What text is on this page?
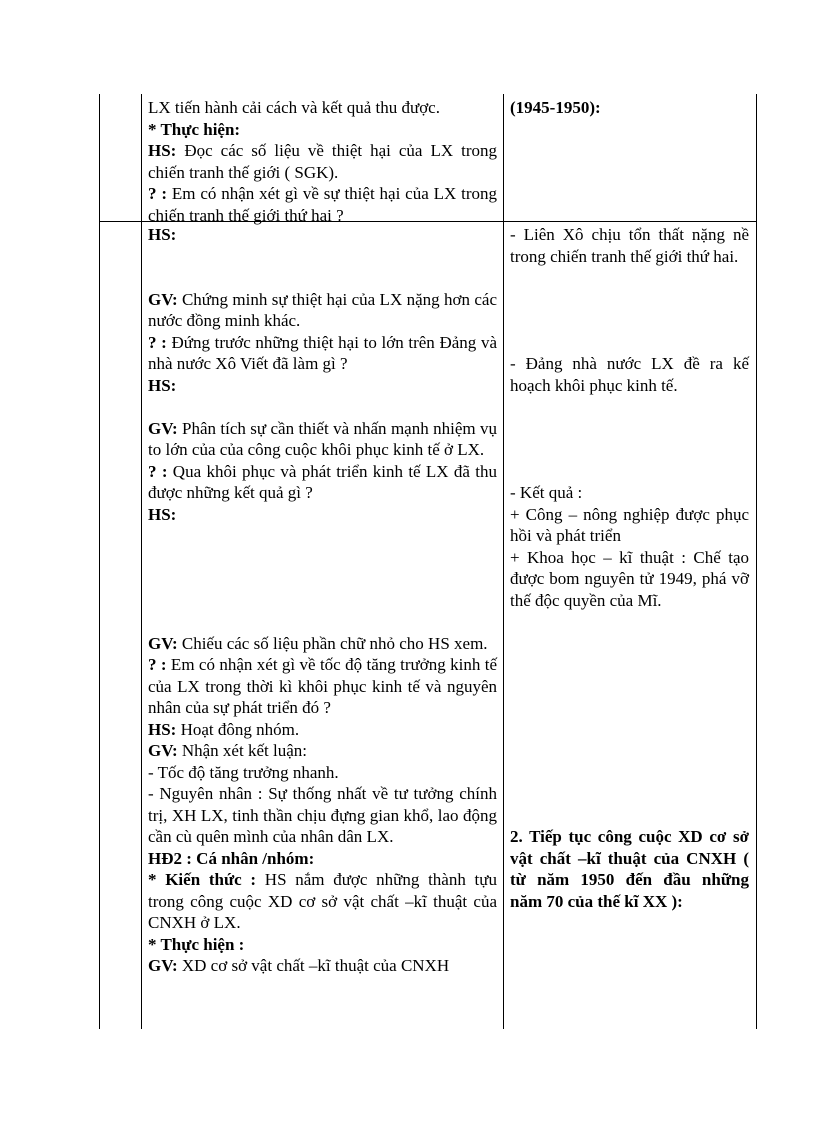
LX tiến hành cải cách và kết quả thu được.

* Thực hiện:

HS: Đọc các số liệu về thiệt hại của LX trong chiến tranh thế giới ( SGK).

? : Em có nhận xét gì về sự thiệt hại của LX trong chiến tranh thế giới thứ hai ?

(1945-1950):

HS:

GV: Chứng minh sự thiệt hại của LX nặng hơn các nước đồng minh khác.

? : Đứng trước những thiệt hại to lớn trên Đảng và nhà nước Xô Viết đã làm gì ?

HS:

GV: Phân tích sự cần thiết và nhấn mạnh nhiệm vụ to lớn của của công cuộc khôi phục kinh tế ở LX.

? : Qua khôi phục và phát triển kinh tế LX đã thu được những kết quả gì ?

HS:

GV: Chiếu các số liệu phần chữ nhỏ cho HS xem.

? : Em có nhận xét gì về tốc độ tăng trưởng kinh tế của LX trong thời kì khôi phục kinh tế và nguyên nhân của sự phát triển đó ?

HS: Hoạt đông nhóm.

GV: Nhận xét kết luận:

- Tốc độ tăng trưởng nhanh.

- Nguyên nhân : Sự thống nhất về tư tưởng chính trị, XH LX, tinh thần chịu đựng gian khổ, lao động cần cù quên mình của nhân dân LX.

HĐ2 : Cá nhân /nhóm:

* Kiến thức : HS nắm được những thành tựu trong công cuộc XD cơ sở vật chất –kĩ thuật của CNXH ở LX.

* Thực hiện :

GV: XD cơ sở vật chất –kĩ thuật của CNXH

- Liên Xô chịu tổn thất nặng nề trong chiến tranh thế giới thứ hai.

- Đảng nhà nước LX đề ra kế hoạch khôi phục kinh tế.

- Kết quả :

+ Công – nông nghiệp được phục hồi và phát triển

+ Khoa học – kĩ thuật : Chế tạo được bom nguyên tử 1949, phá vỡ thế độc quyền của Mĩ.

2. Tiếp tục công cuộc XD cơ sở vật chất –kĩ thuật của CNXH ( từ năm 1950 đến đầu những năm 70 của thế kĩ XX ):
